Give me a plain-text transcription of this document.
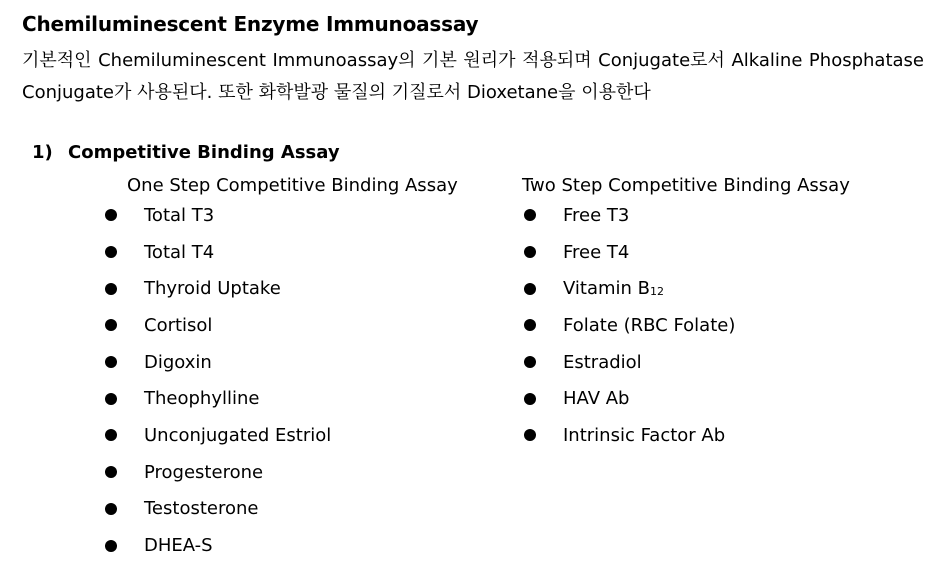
Chemiluminescent Enzyme Immunoassay
기본적인 Chemiluminescent Immunoassay의 기본 원리가 적용되며 Conjugate로서 Alkaline Phosphatase Conjugate가 사용된다. 또한 화학발광 물질의 기질로서 Dioxetane을 이용한다
1) Competitive Binding Assay
One Step Competitive Binding Assay	Two Step Competitive Binding Assay
Total T3
Total T4
Thyroid Uptake
Cortisol
Digoxin
Theophylline
Unconjugated Estriol
Progesterone
Testosterone
DHEA-S
Free T3
Free T4
Vitamin $B_{12}$
Folate (RBC Folate)
Estradiol
HAV Ab
Intrinsic Factor Ab
